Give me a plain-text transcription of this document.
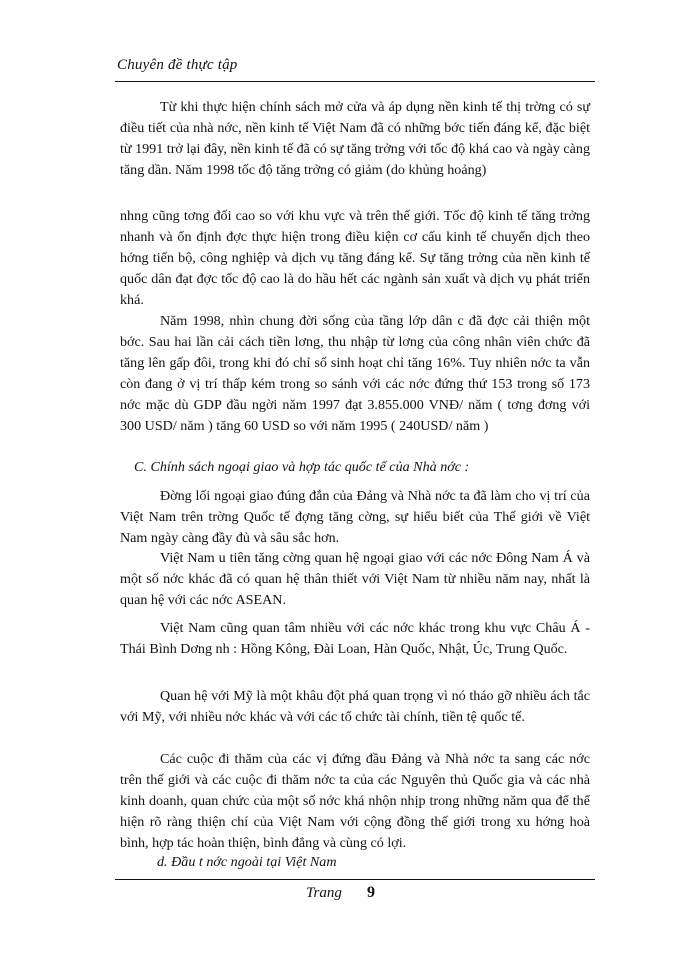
Chuyên đề thực tập

Từ khi thực hiện chính sách mở cửa và áp dụng nền kinh tế thị trờng có sự điều tiết của nhà nớc, nền kinh tế Việt Nam đã có những bớc tiến đáng kể, đặc biệt từ 1991 trở lại đây, nền kinh tế đã có sự tăng trởng với tốc độ khá cao và ngày càng tăng dần. Năm 1998 tốc độ tăng trởng có giảm (do khủng hoảng)

nhng cũng tơng đối cao so với khu vực và trên thế giới. Tốc độ kinh tế tăng trởng nhanh và ổn định đợc thực hiện trong điều kiện cơ cấu kinh tế chuyển dịch theo hớng tiến bộ, công nghiệp và dịch vụ tăng đáng kể. Sự tăng trởng của nền kinh tế quốc dân đạt đợc tốc độ cao là do hầu hết các ngành sản xuất và dịch vụ phát triển khá.

Năm 1998, nhìn chung đời sống của tầng lớp dân c đã đợc cải thiện một bớc. Sau hai lần cải cách tiền lơng, thu nhập từ lơng của công nhân viên chức đã tăng lên gấp đôi, trong khi đó chỉ số sinh hoạt chỉ tăng 16%. Tuy nhiên nớc ta vẫn còn đang ở vị trí thấp kém trong so sánh với các nớc đứng thứ 153 trong số 173 nớc mặc dù GDP đầu ngời năm 1997 đạt 3.855.000 VNĐ/ năm ( tơng đơng với 300 USD/ năm ) tăng 60 USD so với năm 1995 ( 240USD/ năm )

C. Chính sách ngoại giao và hợp tác quốc tế của Nhà nớc :

Đờng lối ngoại giao đúng đắn của Đảng và Nhà nớc ta đã làm cho vị trí của Việt Nam trên trờng Quốc tế đợng tăng cờng, sự hiểu biết của Thế giới về Việt Nam ngày càng đầy đủ và sâu sắc hơn.

Việt Nam u tiên tăng cờng quan hệ ngoại giao với các nớc Đông Nam Á và một số nớc khác đã có quan hệ thân thiết với Việt Nam từ nhiều năm nay, nhất là quan hệ với các nớc ASEAN.

Việt Nam cũng quan tâm nhiều với các nớc khác trong khu vực Châu Á - Thái Bình Dơng nh : Hồng Kông, Đài Loan, Hàn Quốc, Nhật, Úc, Trung Quốc.

Quan hệ với Mỹ là một khâu đột phá quan trọng vì nó tháo gỡ nhiều ách tắc với Mỹ, với nhiều nớc khác và với các tổ chức tài chính, tiền tệ quốc tế.

Các cuộc đi thăm của các vị đứng đầu Đảng và Nhà nớc ta sang các nớc trên thế giới và các cuộc đi thăm nớc ta của các Nguyên thủ Quốc gia và các nhà kinh doanh, quan chức của một số nớc khá nhộn nhịp trong những năm qua để thể hiện rõ ràng thiện chí của Việt Nam với cộng đồng thế giới trong xu hớng hoà bình, hợp tác hoàn thiện, bình đẳng và cùng có lợi.

d. Đầu t nớc ngoài tại Việt Nam
Trang 9
